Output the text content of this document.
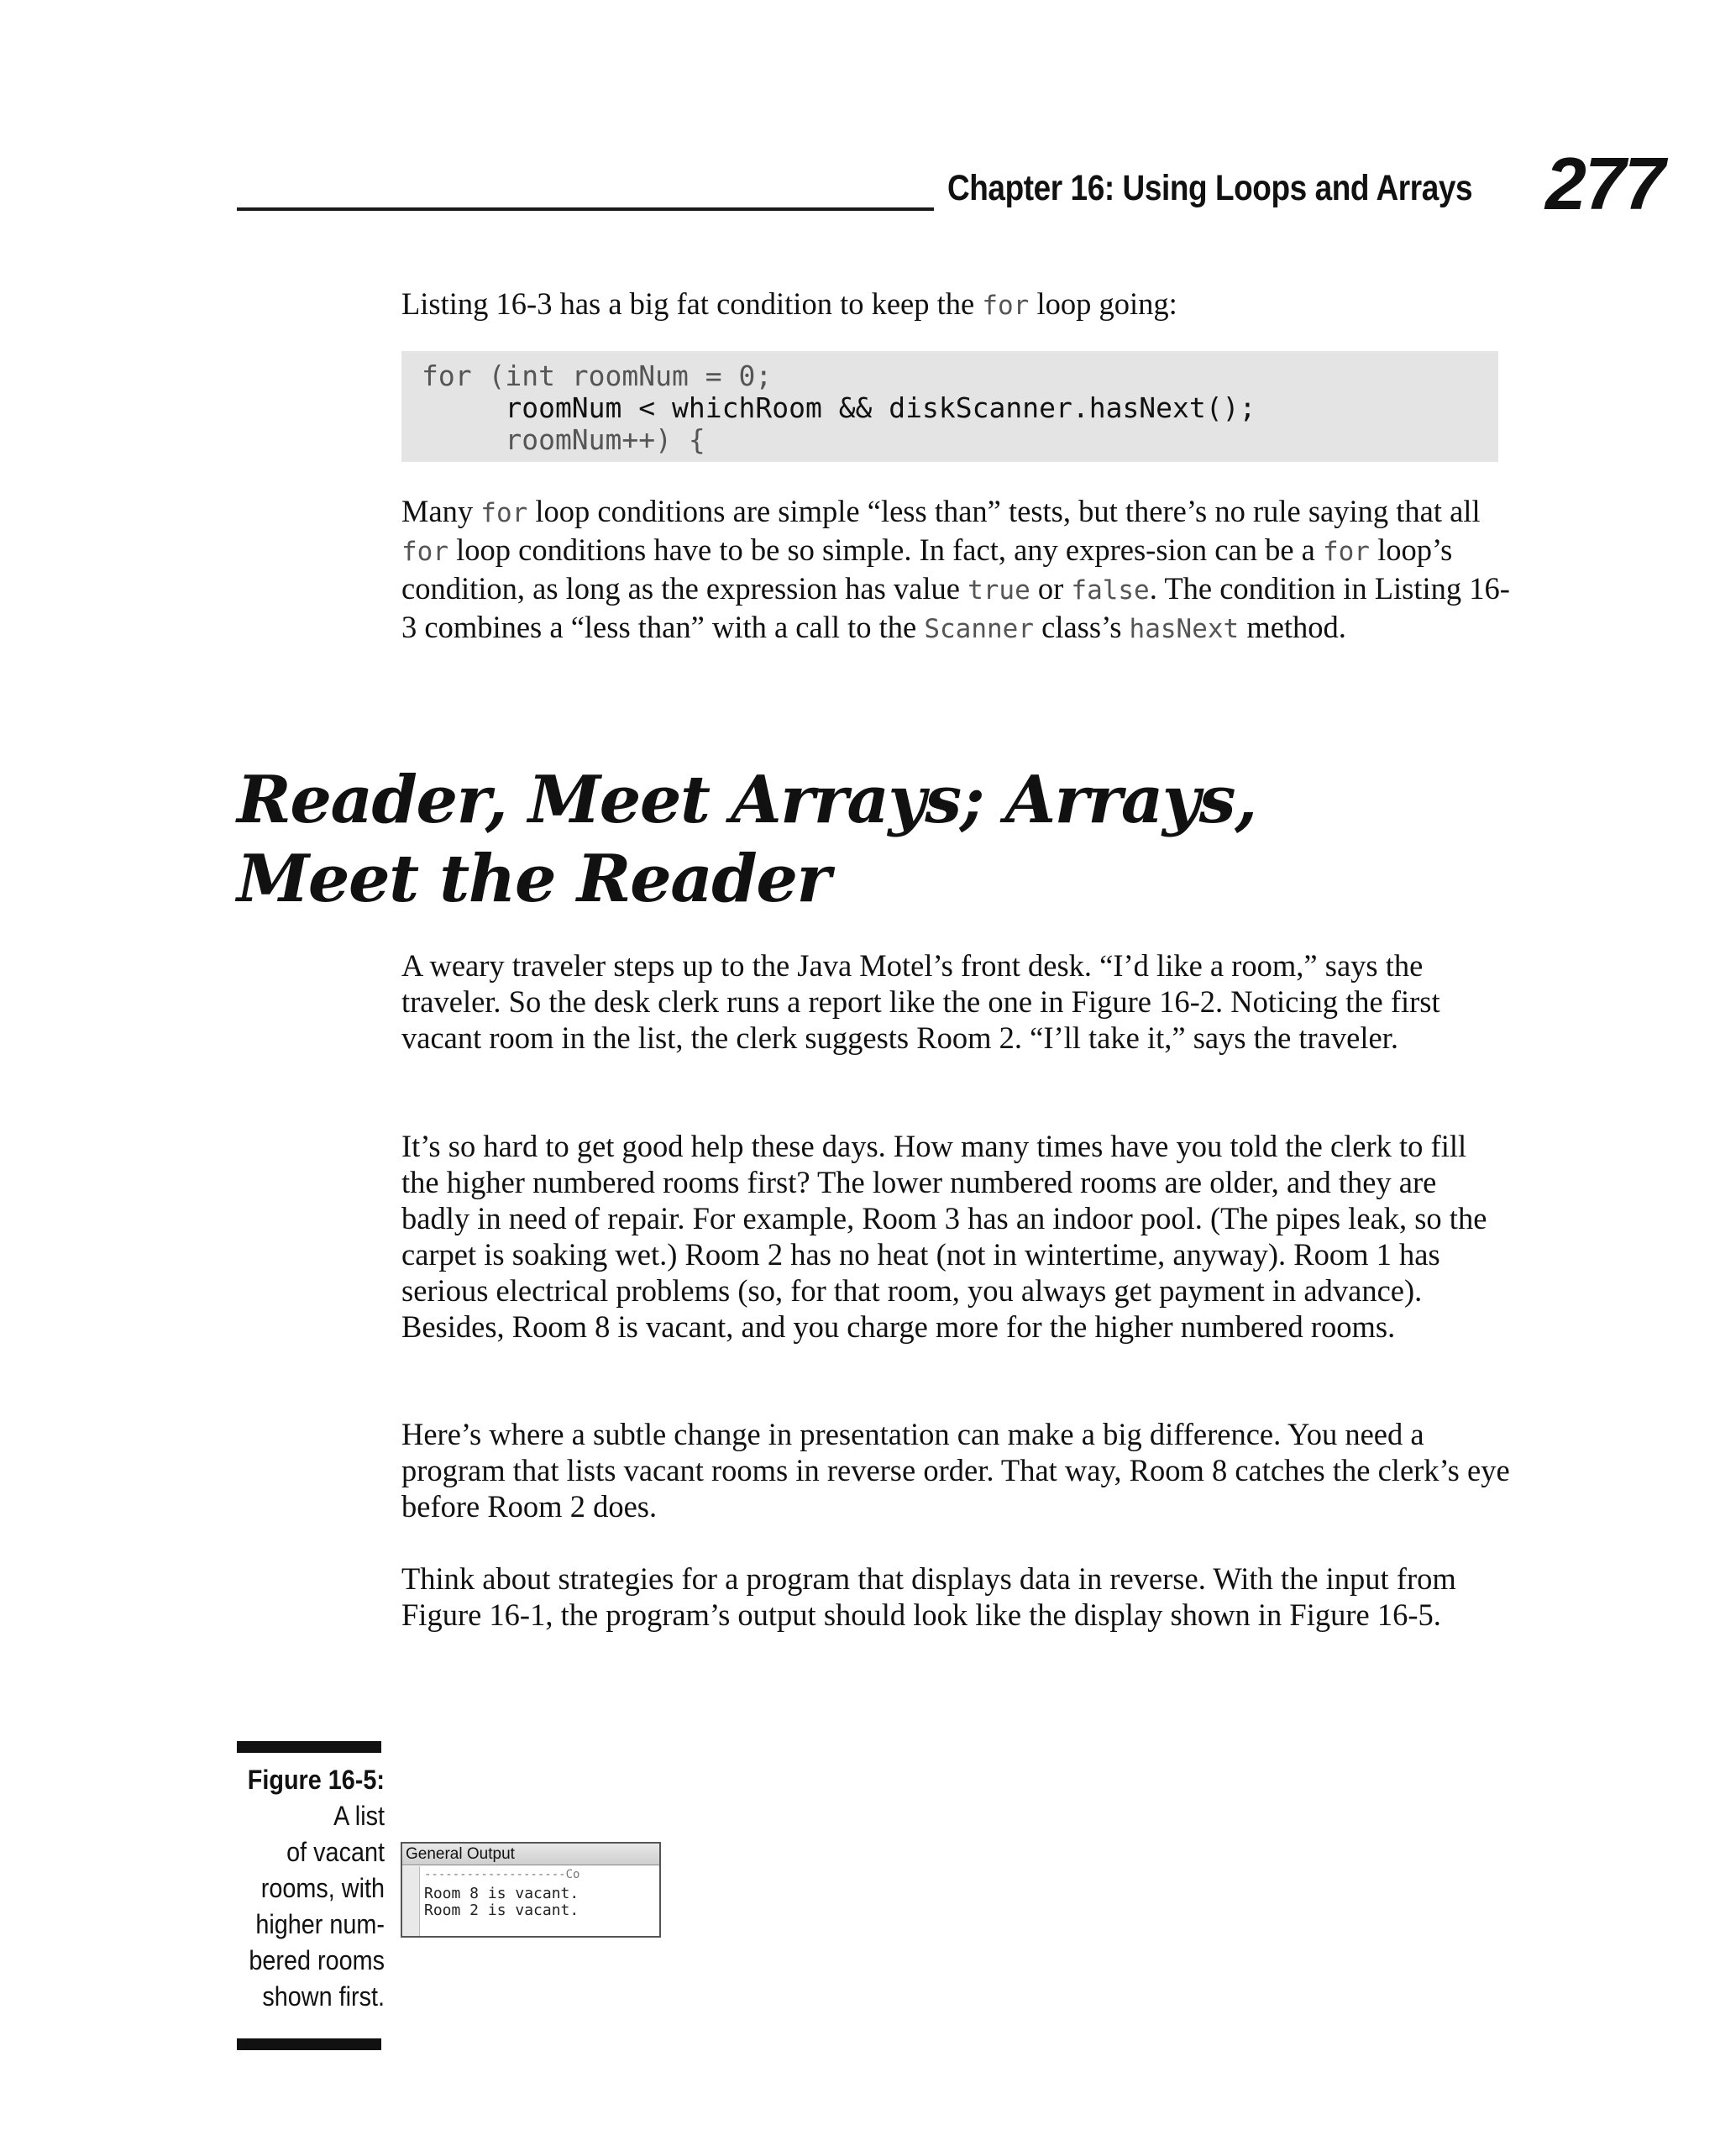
Chapter 16: Using Loops and Arrays 277

Listing 16-3 has a big fat condition to keep the for loop going:

for (int roomNum = 0;
roomNum < whichRoom && diskScanner.hasNext();
roomNum++) {

Many for loop conditions are simple “less than” tests, but there’s no rule saying that all for loop conditions have to be so simple. In fact, any expres-sion can be a for loop’s condition, as long as the expression has value true or false. The condition in Listing 16-3 combines a “less than” with a call to the Scanner class’s hasNext method.

Reader, Meet Arrays; Arrays,
Meet the Reader

A weary traveler steps up to the Java Motel’s front desk. “I’d like a room,” says the traveler. So the desk clerk runs a report like the one in Figure 16-2. Noticing the first vacant room in the list, the clerk suggests Room 2. “I’ll take it,” says the traveler.

It’s so hard to get good help these days. How many times have you told the clerk to fill the higher numbered rooms first? The lower numbered rooms are older, and they are badly in need of repair. For example, Room 3 has an indoor pool. (The pipes leak, so the carpet is soaking wet.) Room 2 has no heat (not in wintertime, anyway). Room 1 has serious electrical problems (so, for that room, you always get payment in advance). Besides, Room 8 is vacant, and you charge more for the higher numbered rooms.

Here’s where a subtle change in presentation can make a big difference. You need a program that lists vacant rooms in reverse order. That way, Room 8 catches the clerk’s eye before Room 2 does.

Think about strategies for a program that displays data in reverse. With the input from Figure 16-1, the program’s output should look like the display shown in Figure 16-5.

Figure 16-5:
A list
of vacant
rooms, with
higher num-
bered rooms
shown first.
General Output
--------------------Co
Room 8 is vacant.
Room 2 is vacant.
